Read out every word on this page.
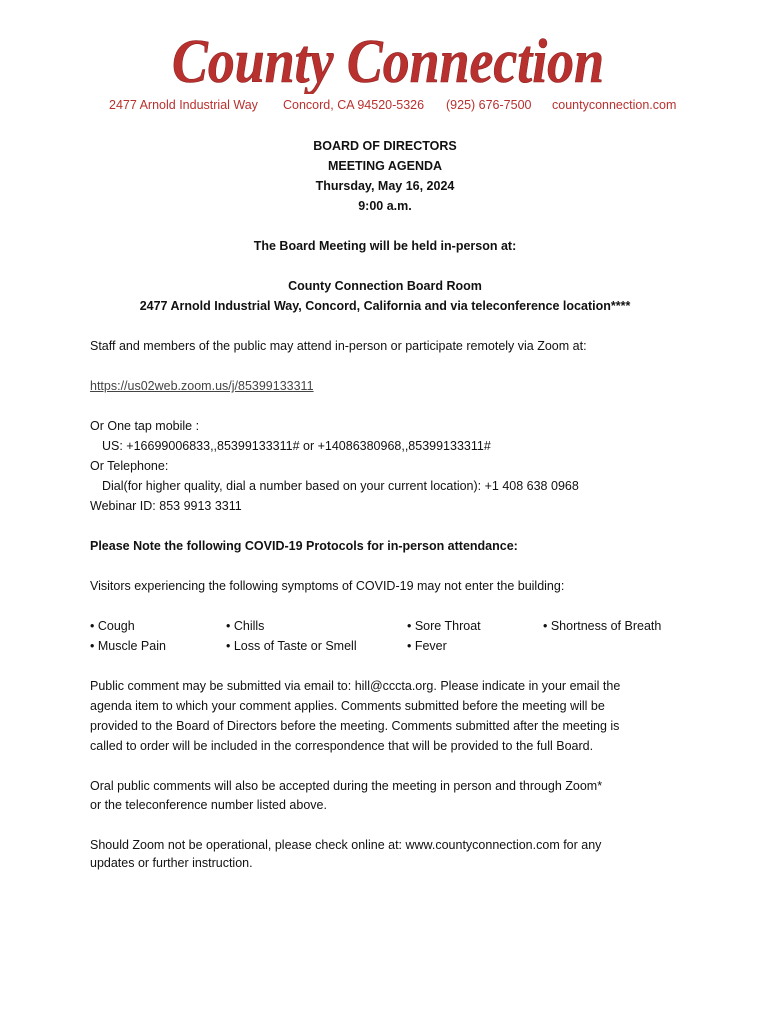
County Connection
2477 Arnold Industrial Way Concord, CA 94520-5326 (925) 676-7500 countyconnection.com
BOARD OF DIRECTORS
MEETING AGENDA
Thursday, May 16, 2024
9:00 a.m.
The Board Meeting will be held in-person at:
County Connection Board Room
2477 Arnold Industrial Way, Concord, California and via teleconference location****
Staff and members of the public may attend in-person or participate remotely via Zoom at:
https://us02web.zoom.us/j/85399133311
Or One tap mobile :
US: +16699006833,,85399133311# or +14086380968,,85399133311#
Or Telephone:
Dial(for higher quality, dial a number based on your current location): +1 408 638 0968
Webinar ID: 853 9913 3311
Please Note the following COVID-19 Protocols for in-person attendance:
Visitors experiencing the following symptoms of COVID-19 may not enter the building:
• Cough	• Chills	• Sore Throat	• Shortness of Breath
• Muscle Pain	• Loss of Taste or Smell	• Fever
Public comment may be submitted via email to: hill@cccta.org. Please indicate in your email the
agenda item to which your comment applies. Comments submitted before the meeting will be
provided to the Board of Directors before the meeting. Comments submitted after the meeting is
called to order will be included in the correspondence that will be provided to the full Board.
Oral public comments will also be accepted during the meeting in person and through Zoom*
or the teleconference number listed above.
Should Zoom not be operational, please check online at: www.countyconnection.com for any
updates or further instruction.
